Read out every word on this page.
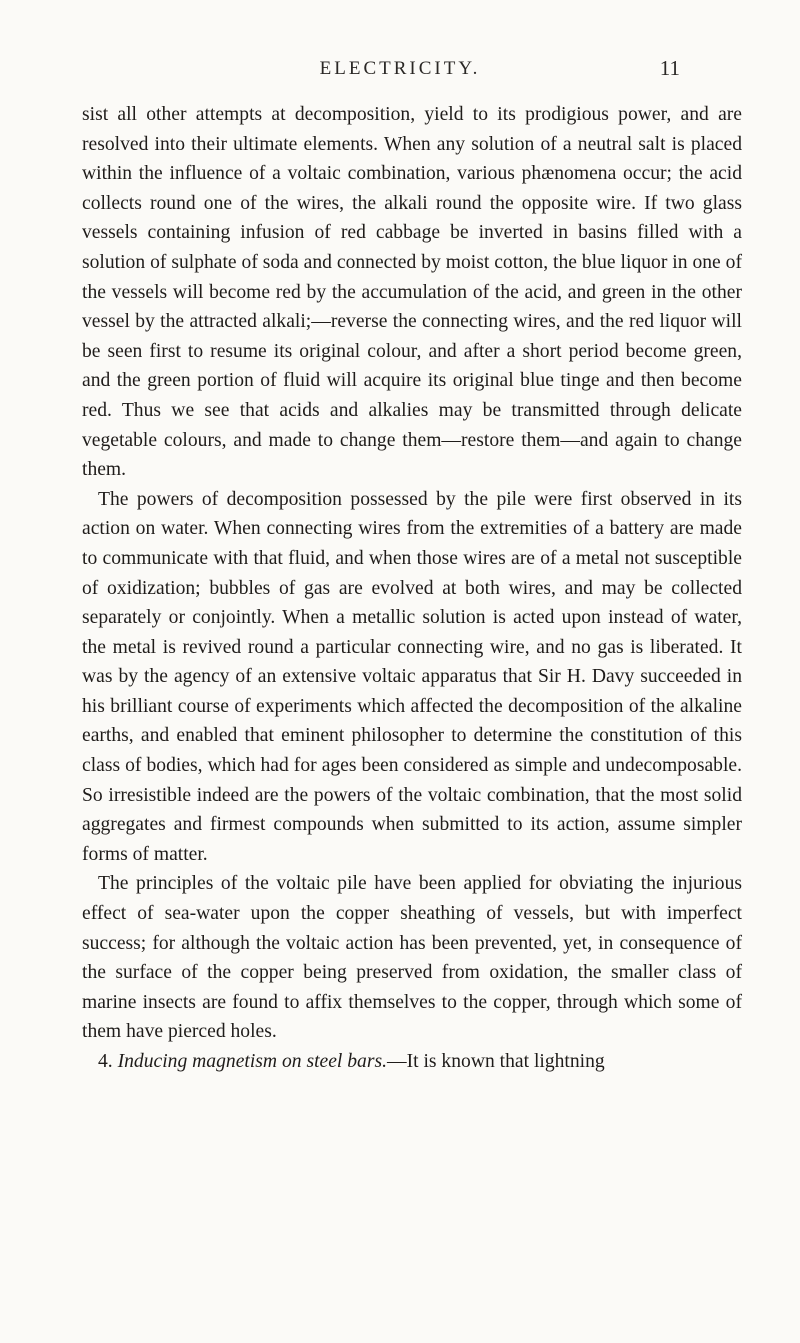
ELECTRICITY.	11

sist all other attempts at decomposition, yield to its prodigious power, and are resolved into their ultimate elements. When any solution of a neutral salt is placed within the influence of a voltaic combination, various phænomena occur; the acid collects round one of the wires, the alkali round the opposite wire. If two glass vessels containing infusion of red cabbage be inverted in basins filled with a solution of sulphate of soda and connected by moist cotton, the blue liquor in one of the vessels will become red by the accumulation of the acid, and green in the other vessel by the attracted alkali;—reverse the connecting wires, and the red liquor will be seen first to resume its original colour, and after a short period become green, and the green portion of fluid will acquire its original blue tinge and then become red. Thus we see that acids and alkalies may be transmitted through delicate vegetable colours, and made to change them—restore them—and again to change them.

The powers of decomposition possessed by the pile were first observed in its action on water. When connecting wires from the extremities of a battery are made to communicate with that fluid, and when those wires are of a metal not susceptible of oxidization; bubbles of gas are evolved at both wires, and may be collected separately or conjointly. When a metallic solution is acted upon instead of water, the metal is revived round a particular connecting wire, and no gas is liberated. It was by the agency of an extensive voltaic apparatus that Sir H. Davy succeeded in his brilliant course of experiments which affected the decomposition of the alkaline earths, and enabled that eminent philosopher to determine the constitution of this class of bodies, which had for ages been considered as simple and undecomposable. So irresistible indeed are the powers of the voltaic combination, that the most solid aggregates and firmest compounds when submitted to its action, assume simpler forms of matter.

The principles of the voltaic pile have been applied for obviating the injurious effect of sea-water upon the copper sheathing of vessels, but with imperfect success; for although the voltaic action has been prevented, yet, in consequence of the surface of the copper being preserved from oxidation, the smaller class of marine insects are found to affix themselves to the copper, through which some of them have pierced holes.

4. Inducing magnetism on steel bars.—It is known that lightning
